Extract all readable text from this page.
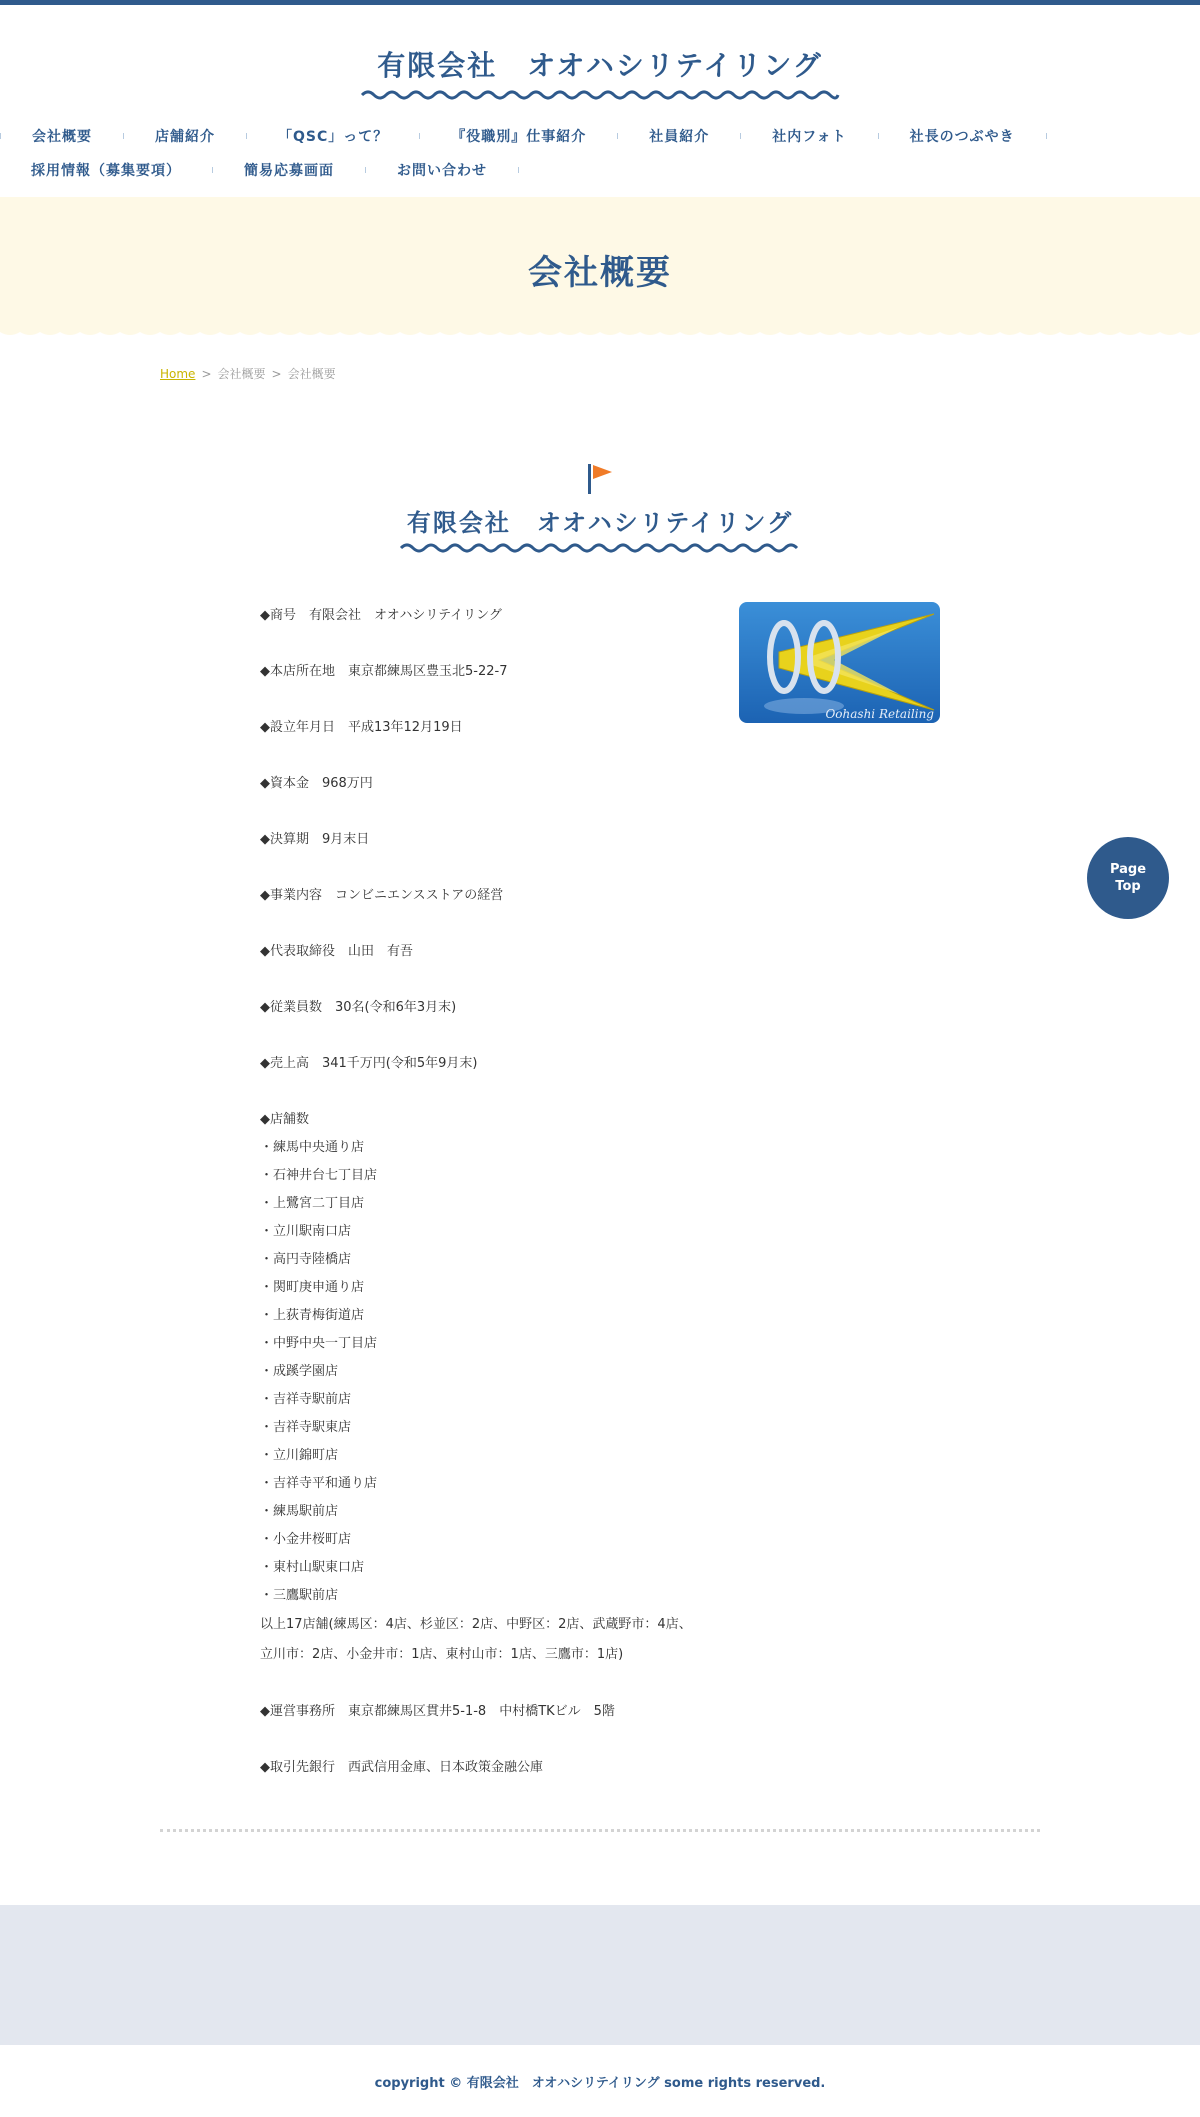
有限会社　オオハシリテイリング
会社概要	店舗紹介	「QSC」って？	『役職別』仕事紹介	社員紹介	社内フォト	社長のつぶやき
採用情報（募集要項）	簡易応募画面	お問い合わせ
会社概要
Home > 会社概要 > 会社概要
有限会社　オオハシリテイリング

◆商号　有限会社　オオハシリテイリング

◆本店所在地　東京都練馬区豊玉北5-22-7

◆設立年月日　平成13年12月19日

◆資本金　968万円

◆決算期　9月末日

◆事業内容　コンビニエンスストアの経営

◆代表取締役　山田　有吾

◆従業員数　30名(令和6年3月末)

◆売上高　341千万円(令和5年9月末)

◆店舗数
・練馬中央通り店
・石神井台七丁目店
・上鷺宮二丁目店
・立川駅南口店
・高円寺陸橋店
・関町庚申通り店
・上荻青梅街道店
・中野中央一丁目店
・成蹊学園店
・吉祥寺駅前店
・吉祥寺駅東店
・立川錦町店
・吉祥寺平和通り店
・練馬駅前店
・小金井桜町店
・東村山駅東口店
・三鷹駅前店

以上17店舗(練馬区：4店、杉並区：2店、中野区：2店、武蔵野市：4店、立川市：2店、小金井市：1店、東村山市：1店、三鷹市：1店)

◆運営事務所　東京都練馬区貫井5-1-8　中村橋TKビル　5階

◆取引先銀行　西武信用金庫、日本政策金融公庫

Oohashi Retailing
Page
Top
copyright © 有限会社　オオハシリテイリング some rights reserved.
